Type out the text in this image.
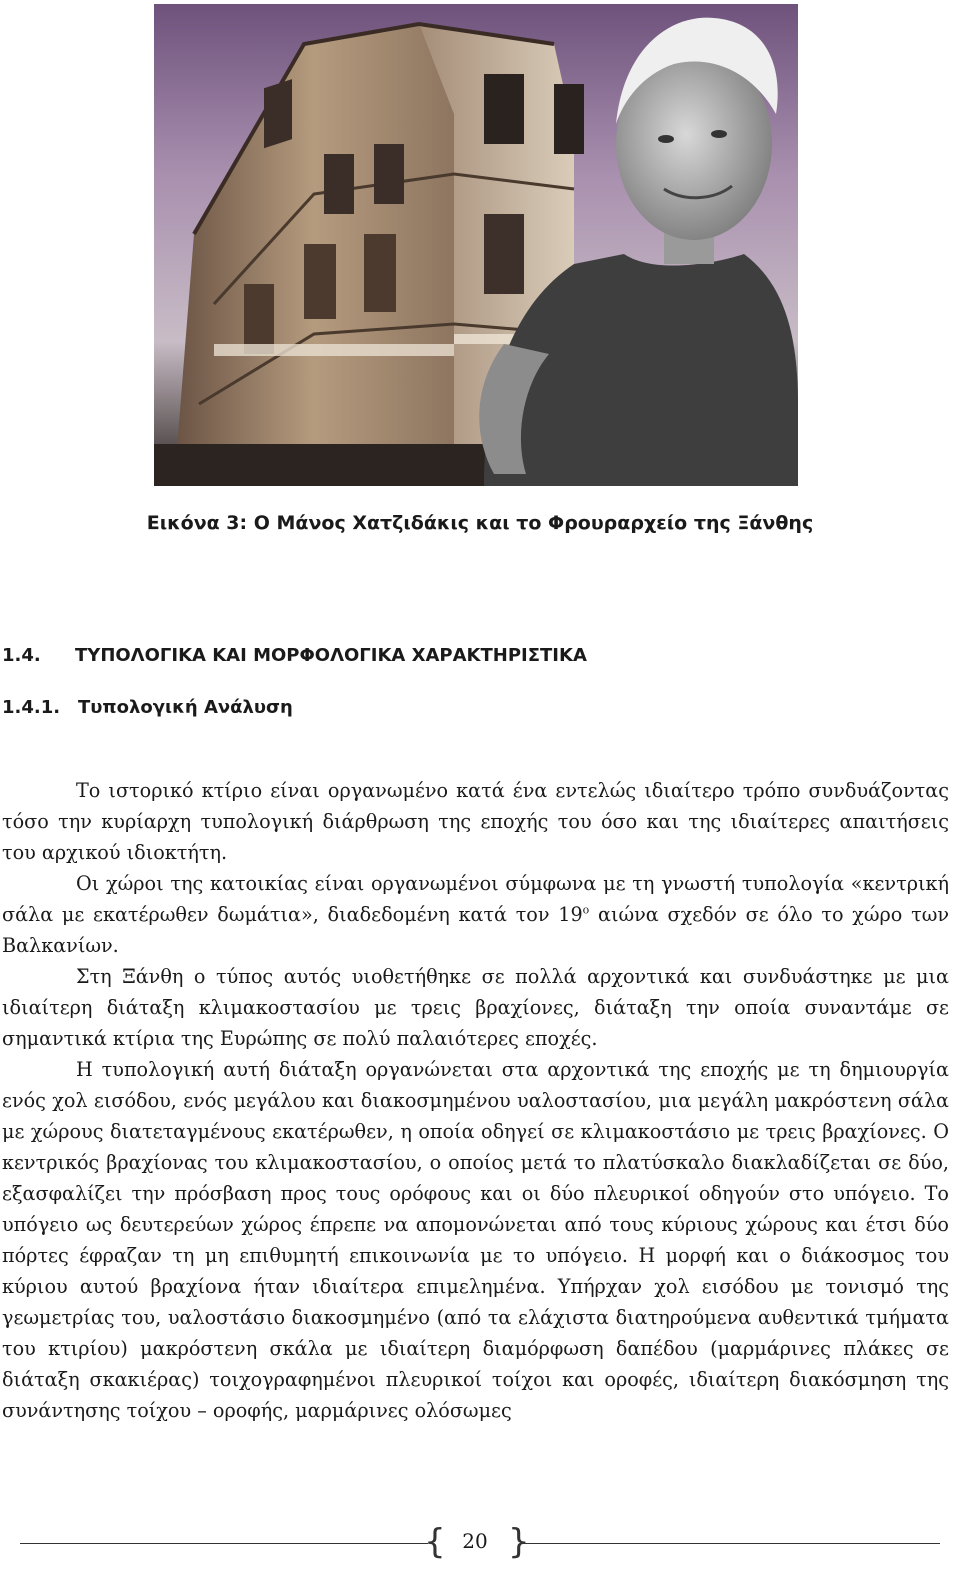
Εικόνα 3: Ο Μάνος Χατζιδάκις και το Φρουραρχείο της Ξάνθης
1.4. ΤΥΠΟΛΟΓΙΚΑ ΚΑΙ ΜΟΡΦΟΛΟΓΙΚΑ ΧΑΡΑΚΤΗΡΙΣΤΙΚΑ
1.4.1. Τυπολογική Ανάλυση

Το ιστορικό κτίριο είναι οργανωμένο κατά ένα εντελώς ιδιαίτερο τρόπο συνδυάζοντας τόσο την κυρίαρχη τυπολογική διάρθρωση της εποχής του όσο και της ιδιαίτερες απαιτήσεις του αρχικού ιδιοκτήτη.

Οι χώροι της κατοικίας είναι οργανωμένοι σύμφωνα με τη γνωστή τυπολογία «κεντρική σάλα με εκατέρωθεν δωμάτια», διαδεδομένη κατά τον $19^o$ αιώνα σχεδόν σε όλο το χώρο των Βαλκανίων.

Στη Ξάνθη ο τύπος αυτός υιοθετήθηκε σε πολλά αρχοντικά και συνδυάστηκε με μια ιδιαίτερη διάταξη κλιμακοστασίου με τρεις βραχίονες, διάταξη την οποία συναντάμε σε σημαντικά κτίρια της Ευρώπης σε πολύ παλαιότερες εποχές.

Η τυπολογική αυτή διάταξη οργανώνεται στα αρχοντικά της εποχής με τη δημιουργία ενός χολ εισόδου, ενός μεγάλου και διακοσμημένου υαλοστασίου, μια μεγάλη μακρόστενη σάλα με χώρους διατεταγμένους εκατέρωθεν, η οποία οδηγεί σε κλιμακοστάσιο με τρεις βραχίονες. Ο κεντρικός βραχίονας του κλιμακοστασίου, ο οποίος μετά το πλατύσκαλο διακλαδίζεται σε δύο, εξασφαλίζει την πρόσβαση προς τους ορόφους και οι δύο πλευρικοί οδηγούν στο υπόγειο. Το υπόγειο ως δευτερεύων χώρος έπρεπε να απομονώνεται από τους κύριους χώρους και έτσι δύο πόρτες έφραζαν τη μη επιθυμητή επικοινωνία με το υπόγειο. Η μορφή και ο διάκοσμος του κύριου αυτού βραχίονα ήταν ιδιαίτερα επιμελημένα. Υπήρχαν χολ εισόδου με τονισμό της γεωμετρίας του, υαλοστάσιο διακοσμημένο (από τα ελάχιστα διατηρούμενα αυθεντικά τμήματα του κτιρίου) μακρόστενη σκάλα με ιδιαίτερη διαμόρφωση δαπέδου (μαρμάρινες πλάκες σε διάταξη σκακιέρας) τοιχογραφημένοι πλευρικοί τοίχοι και οροφές, ιδιαίτερη διακόσμηση της συνάντησης τοίχου – οροφής, μαρμάρινες ολόσωμες

{ 20 }
